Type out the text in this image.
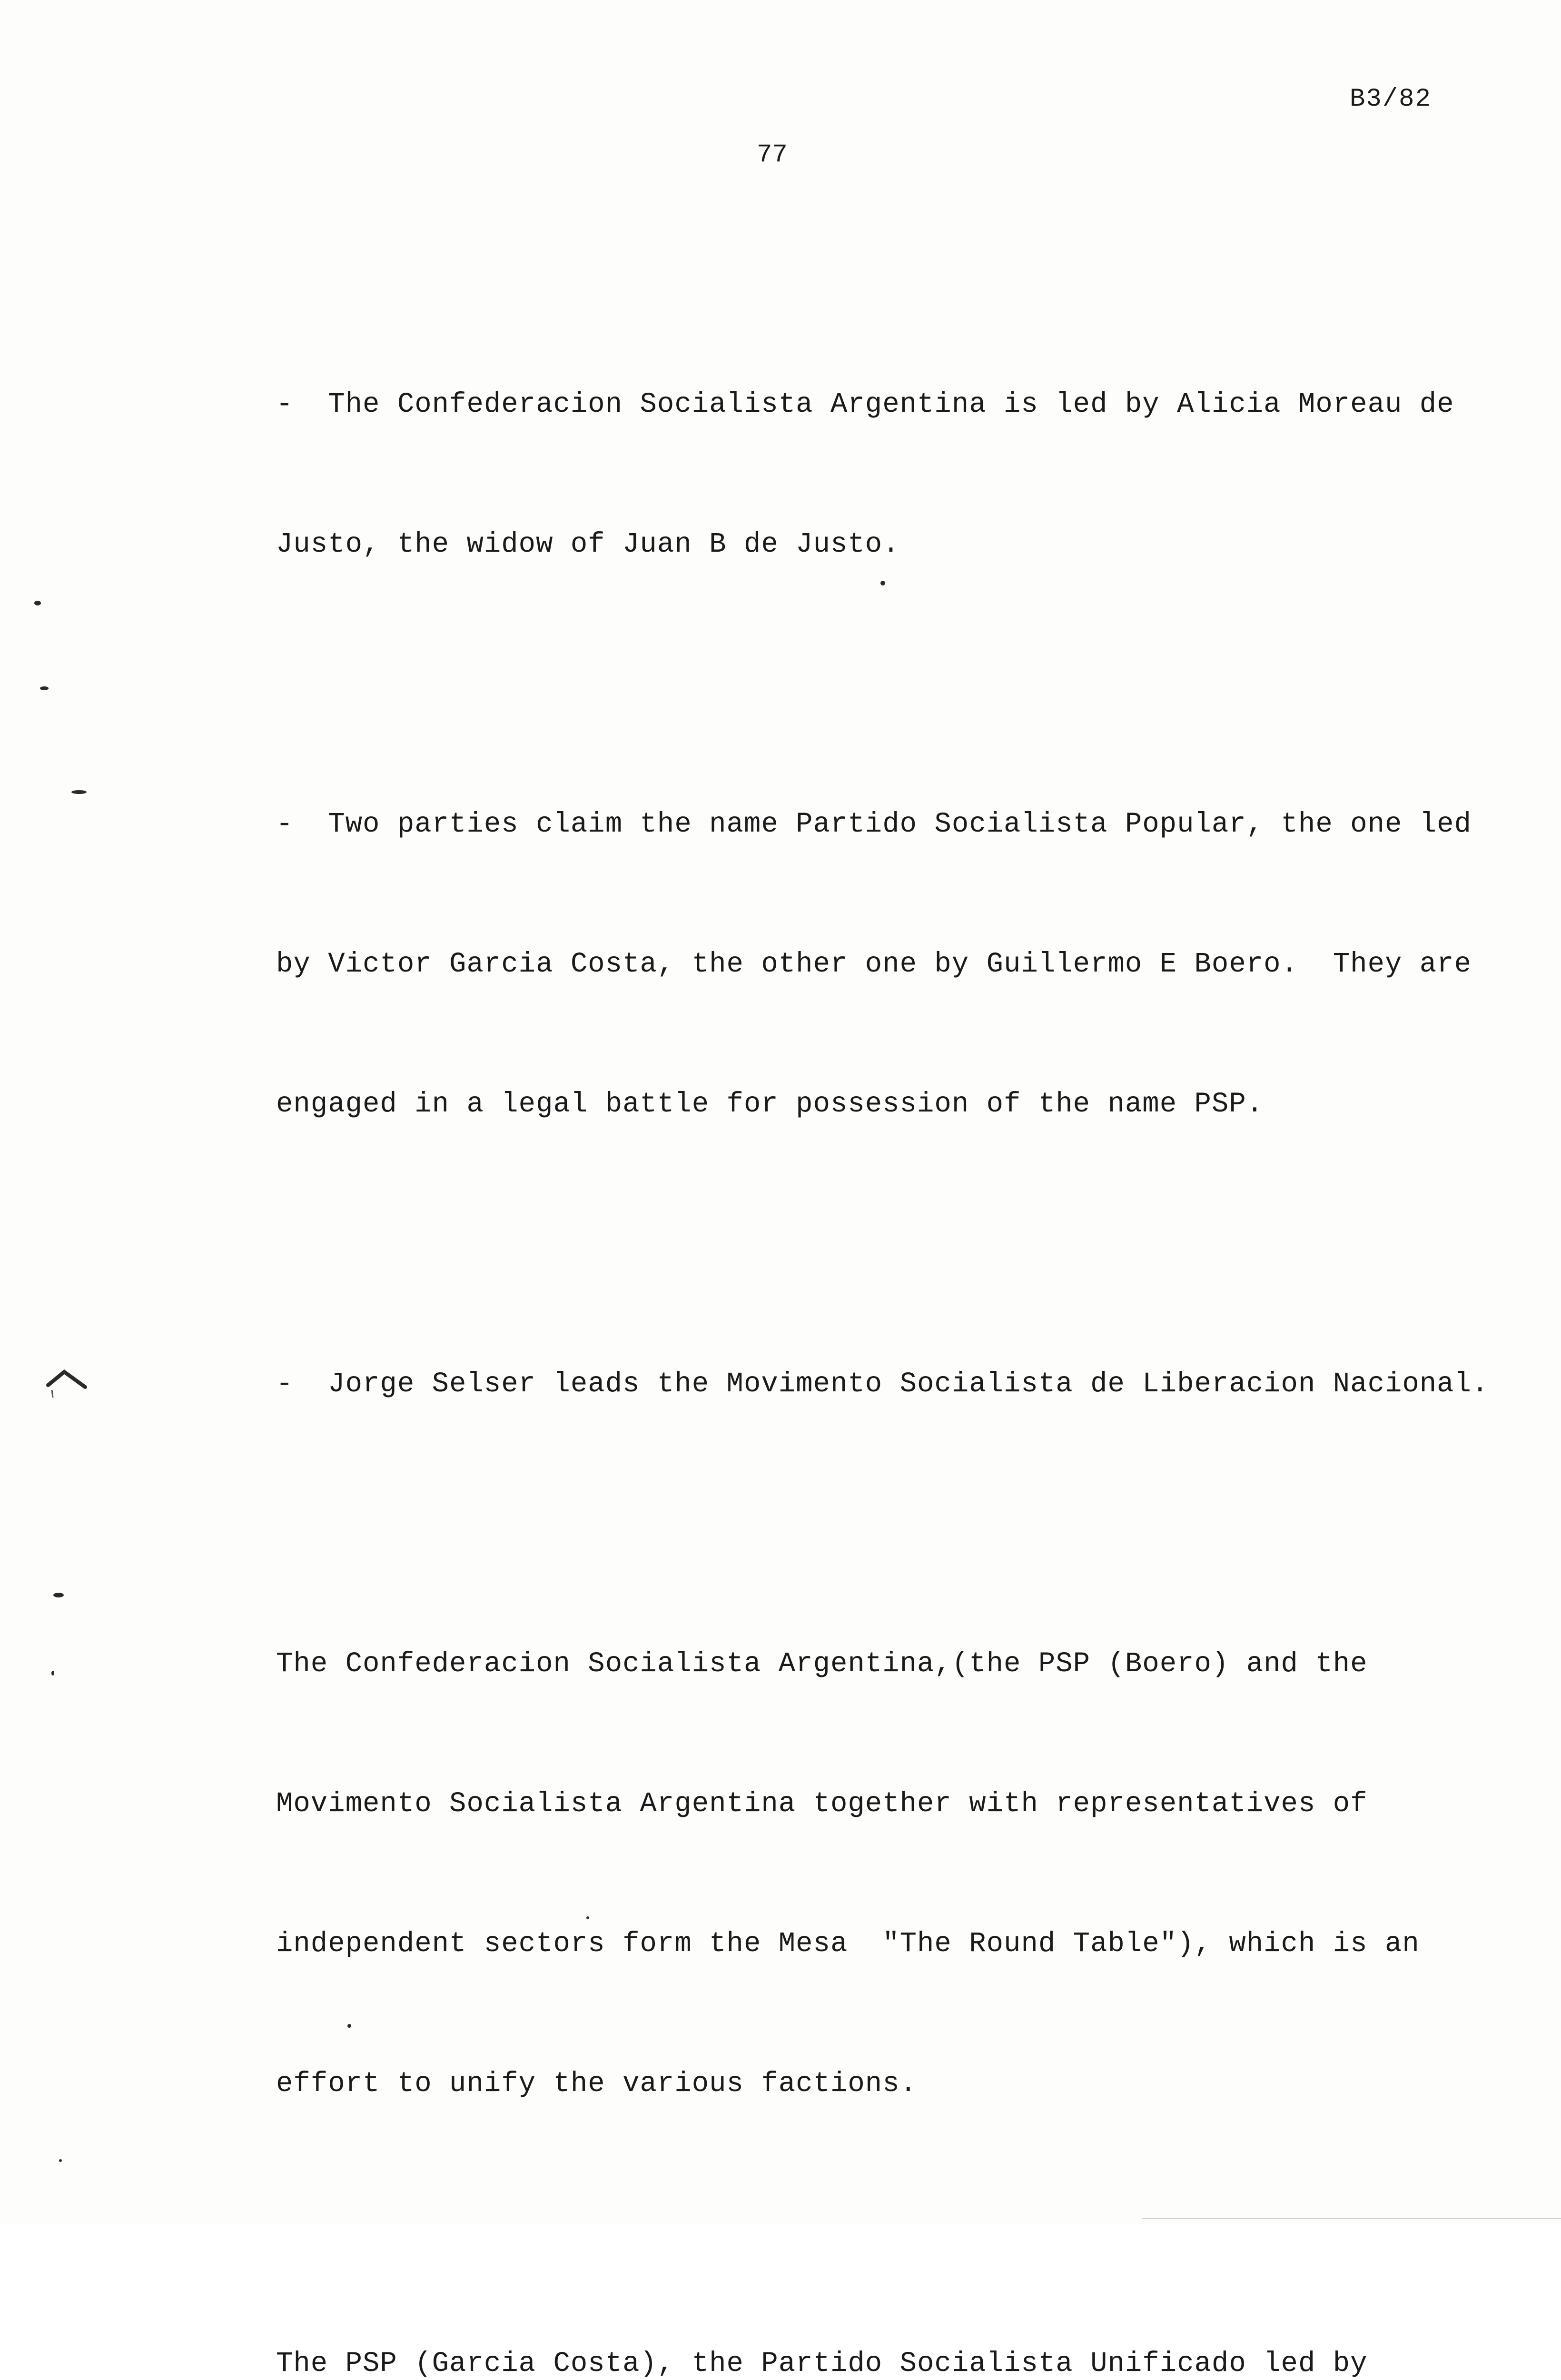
B3/82
77

-  The Confederacion Socialista Argentina is led by Alicia Moreau de

Justo, the widow of Juan B de Justo.

-  Two parties claim the name Partido Socialista Popular, the one led

by Victor Garcia Costa, the other one by Guillermo E Boero.  They are

engaged in a legal battle for possession of the name PSP.

-  Jorge Selser leads the Movimento Socialista de Liberacion Nacional.

The Confederacion Socialista Argentina,(the PSP (Boero) and the

Movimento Socialista Argentina together with representatives of

independent sectors form the Mesa  "The Round Table"), which is an

effort to unify the various factions.

The PSP (Garcia Costa), the Partido Socialista Unificado led by
